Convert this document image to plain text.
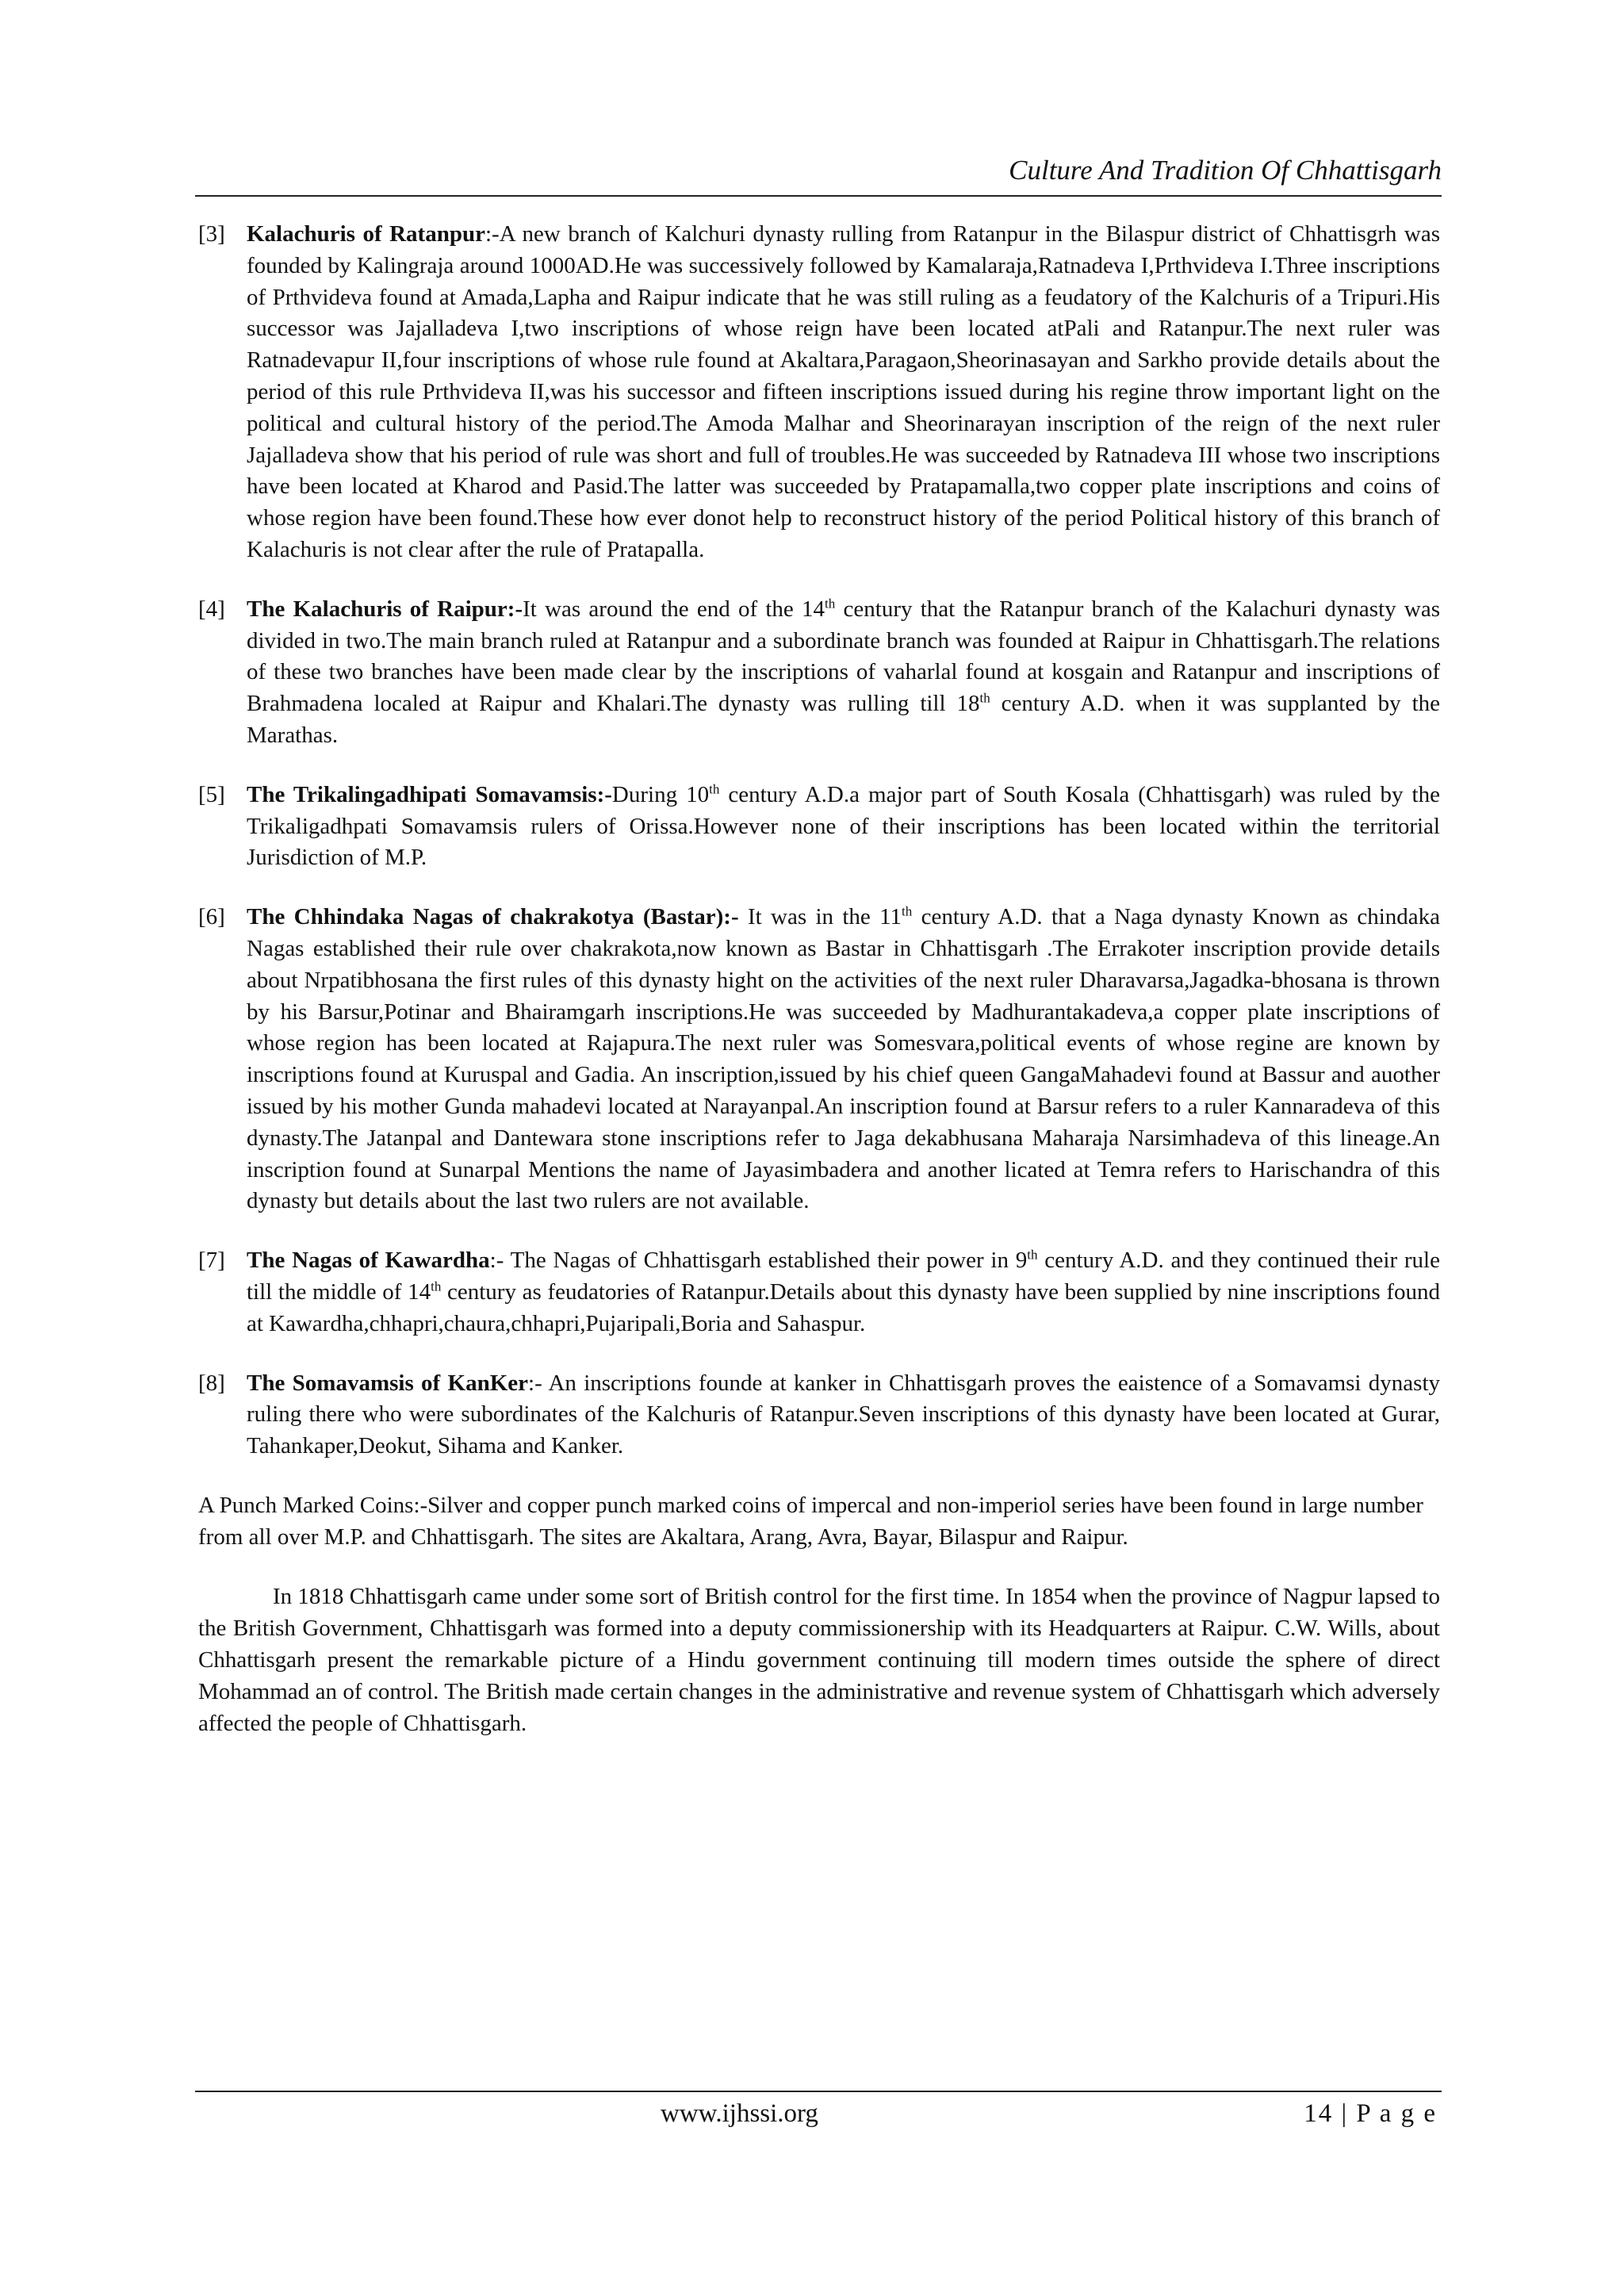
Culture And Tradition Of Chhattisgarh
[3] Kalachuris of Ratanpur:-A new branch of Kalchuri dynasty rulling from Ratanpur in the Bilaspur district of Chhattisgrh was founded by Kalingraja around 1000AD.He was successively followed by Kamalaraja,Ratnadeva I,Prthvideva I.Three inscriptions of Prthvideva found at Amada,Lapha and Raipur indicate that he was still ruling as a feudatory of the Kalchuris of a Tripuri.His successor was Jajalladeva I,two inscriptions of whose reign have been located atPali and Ratanpur.The next ruler was Ratnadevapur II,four inscriptions of whose rule found at Akaltara,Paragaon,Sheorinasayan and Sarkho provide details about the period of this rule Prthvideva II,was his successor and fifteen inscriptions issued during his regine throw important light on the political and cultural history of the period.The Amoda Malhar and Sheorinarayan inscription of the reign of the next ruler Jajalladeva show that his period of rule was short and full of troubles.He was succeeded by Ratnadeva III whose two inscriptions have been located at Kharod and Pasid.The latter was succeeded by Pratapamalla,two copper plate inscriptions and coins of whose region have been found.These how ever donot help to reconstruct history of the period Political history of this branch of Kalachuris is not clear after the rule of Pratapalla.
[4] The Kalachuris of Raipur:-It was around the end of the 14th century that the Ratanpur branch of the Kalachuri dynasty was divided in two.The main branch ruled at Ratanpur and a subordinate branch was founded at Raipur in Chhattisgarh.The relations of these two branches have been made clear by the inscriptions of vaharlal found at kosgain and Ratanpur and inscriptions of Brahmadena localed at Raipur and Khalari.The dynasty was rulling till 18th century A.D. when it was supplanted by the Marathas.
[5] The Trikalingadhipati Somavamsis:-During 10th century A.D.a major part of South Kosala (Chhattisgarh) was ruled by the Trikaligadhpati Somavamsis rulers of Orissa.However none of their inscriptions has been located within the territorial Jurisdiction of M.P.
[6] The Chhindaka Nagas of chakrakotya (Bastar):- It was in the 11th century A.D. that a Naga dynasty Known as chindaka Nagas established their rule over chakrakota,now known as Bastar in Chhattisgarh .The Errakoter inscription provide details about Nrpatibhosana the first rules of this dynasty hight on the activities of the next ruler Dharavarsa,Jagadka-bhosana is thrown by his Barsur,Potinar and Bhairamgarh inscriptions.He was succeeded by Madhurantakadeva,a copper plate inscriptions of whose region has been located at Rajapura.The next ruler was Somesvara,political events of whose regine are known by inscriptions found at Kuruspal and Gadia. An inscription,issued by his chief queen GangaMahadevi found at Bassur and auother issued by his mother Gunda mahadevi located at Narayanpal.An inscription found at Barsur refers to a ruler Kannaradeva of this dynasty.The Jatanpal and Dantewara stone inscriptions refer to Jaga dekabhusana Maharaja Narsimhadeva of this lineage.An inscription found at Sunarpal Mentions the name of Jayasimbadera and another licated at Temra refers to Harischandra of this dynasty but details about the last two rulers are not available.
[7] The Nagas of Kawardha:- The Nagas of Chhattisgarh established their power in 9th century A.D. and they continued their rule till the middle of 14th century as feudatories of Ratanpur.Details about this dynasty have been supplied by nine inscriptions found at Kawardha,chhapri,chaura,chhapri,Pujaripali,Boria and Sahaspur.
[8] The Somavamsis of KanKer:- An inscriptions founde at kanker in Chhattisgarh proves the eaistence of a Somavamsi dynasty ruling there who were subordinates of the Kalchuris of Ratanpur.Seven inscriptions of this dynasty have been located at Gurar, Tahankaper,Deokut, Sihama and Kanker.

A Punch Marked Coins:-Silver and copper punch marked coins of impercal and non-imperiol series have been found in large number from all over M.P. and Chhattisgarh. The sites are Akaltara, Arang, Avra, Bayar, Bilaspur and Raipur.

In 1818 Chhattisgarh came under some sort of British control for the first time. In 1854 when the province of Nagpur lapsed to the British Government, Chhattisgarh was formed into a deputy commissionership with its Headquarters at Raipur. C.W. Wills, about Chhattisgarh present the remarkable picture of a Hindu government continuing till modern times outside the sphere of direct Mohammad an of control. The British made certain changes in the administrative and revenue system of Chhattisgarh which adversely affected the people of Chhattisgarh.

www.ijhssi.org	14 | P a g e
